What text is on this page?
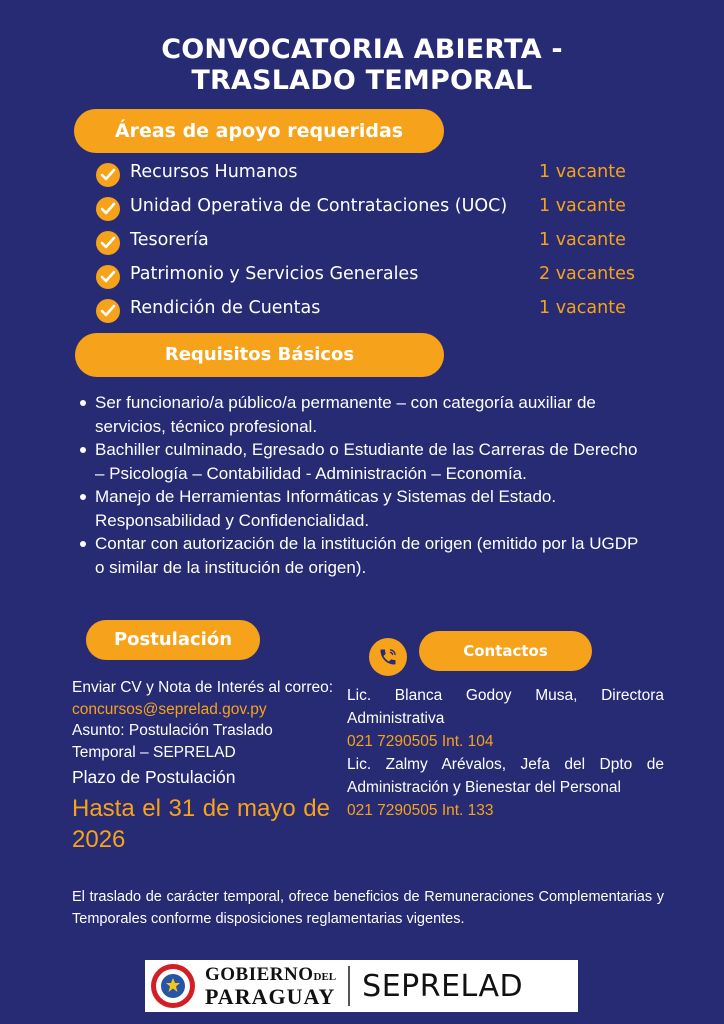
CONVOCATORIA ABIERTA -
TRASLADO TEMPORAL
Áreas de apoyo requeridas
Recursos Humanos	1 vacante
Unidad Operativa de Contrataciones (UOC) 1 vacante
Tesorería	1 vacante
Patrimonio y Servicios Generales	2 vacantes
Rendición de Cuentas	1 vacante
Requisitos Básicos
Ser funcionario/a público/a permanente – con categoría auxiliar de servicios, técnico profesional.
Bachiller culminado, Egresado o Estudiante de las Carreras de Derecho – Psicología – Contabilidad - Administración – Economía.
Manejo de Herramientas Informáticas y Sistemas del Estado. Responsabilidad y Confidencialidad.
Contar con autorización de la institución de origen (emitido por la UGDP o similar de la institución de origen).
Postulación
Enviar CV y Nota de Interés al correo:
concursos@seprelad.gov.py
Asunto: Postulación Traslado Temporal – SEPRELAD
Plazo de Postulación
Hasta el 31 de mayo de 2026
Contactos
Lic. Blanca Godoy Musa, Directora
Administrativa
021 7290505 Int. 104
Lic. Zalmy Arévalos, Jefa del Dpto de
Administración y Bienestar del Personal
021 7290505 Int. 133
El traslado de carácter temporal, ofrece beneficios de Remuneraciones Complementarias y Temporales conforme disposiciones reglamentarias vigentes.
GOBIERNODEL
PARAGUAY SEPRELAD
